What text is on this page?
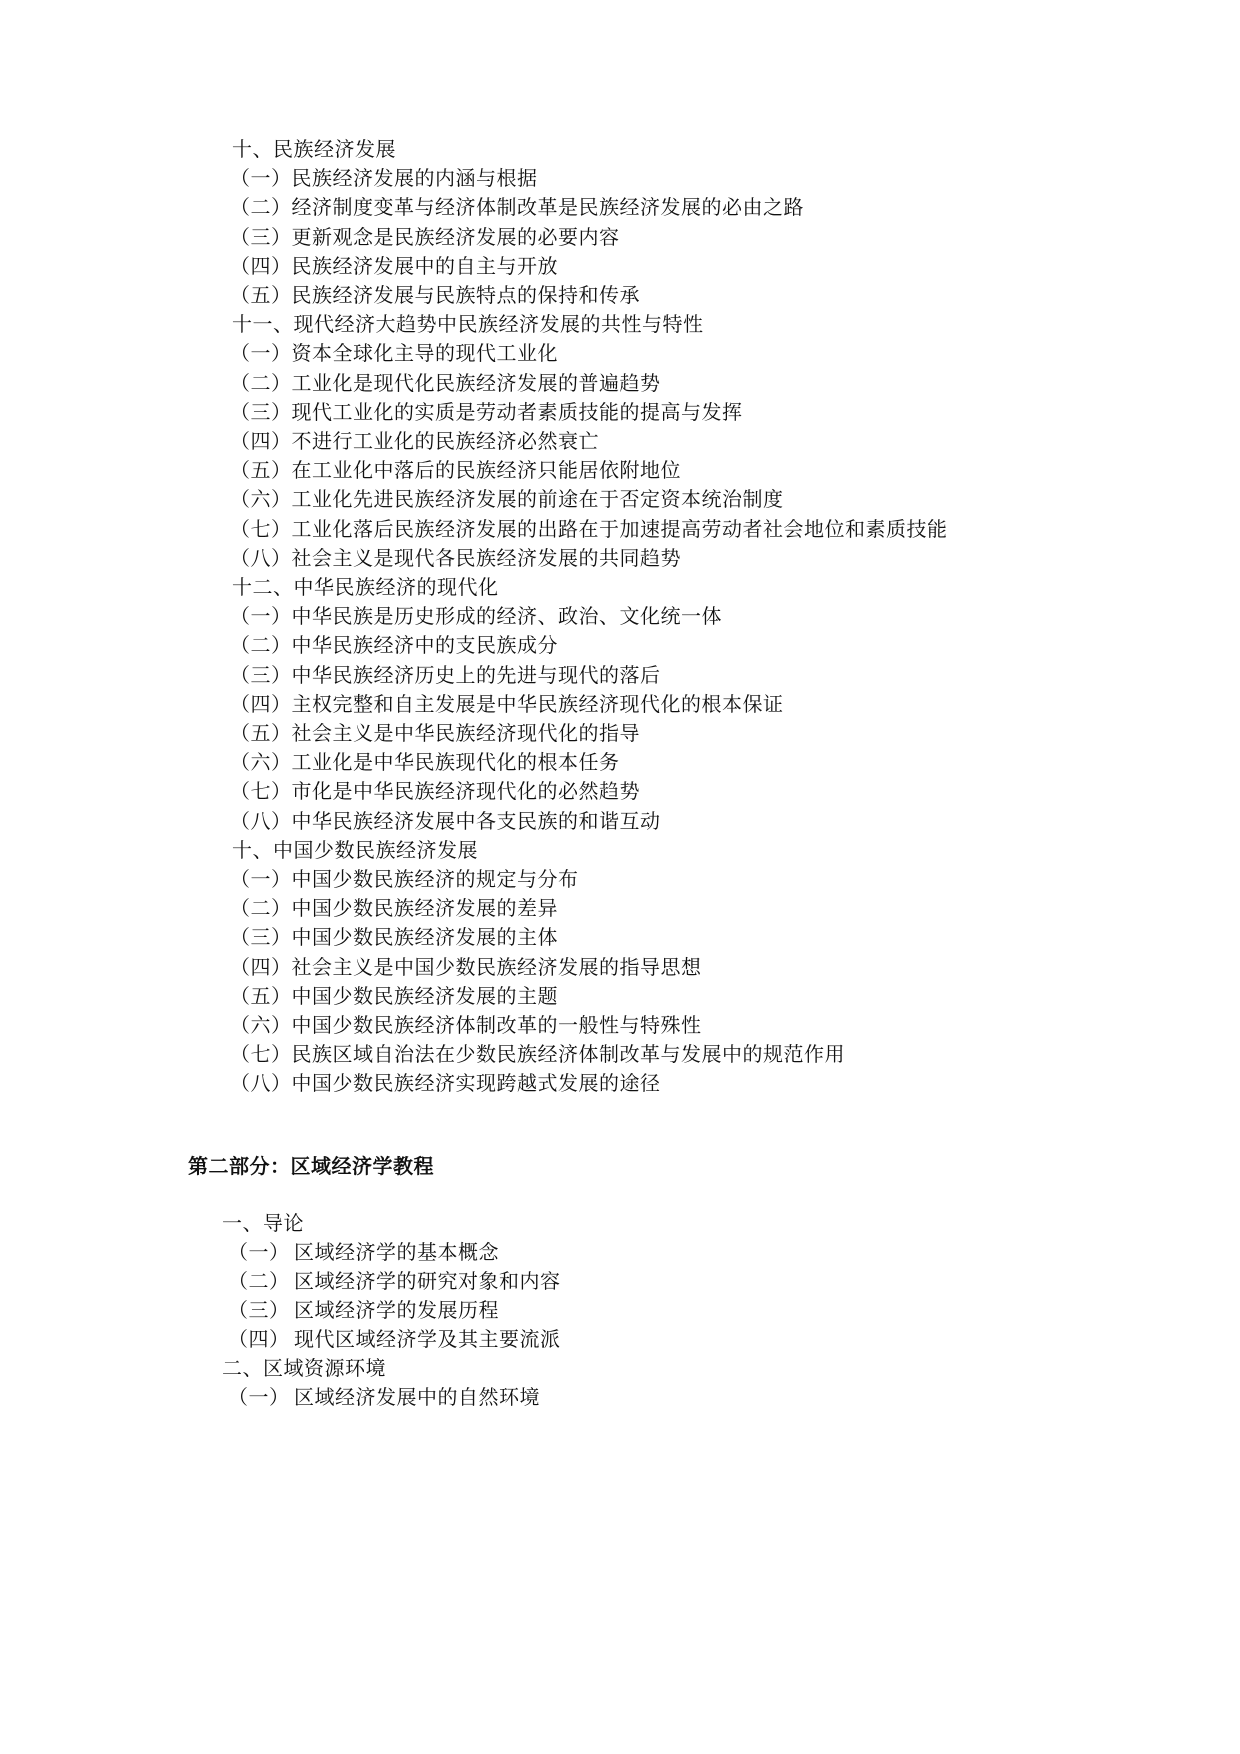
十、民族经济发展
（一）民族经济发展的内涵与根据
（二）经济制度变革与经济体制改革是民族经济发展的必由之路
（三）更新观念是民族经济发展的必要内容
（四）民族经济发展中的自主与开放
（五）民族经济发展与民族特点的保持和传承
十一、现代经济大趋势中民族经济发展的共性与特性
（一）资本全球化主导的现代工业化
（二）工业化是现代化民族经济发展的普遍趋势
（三）现代工业化的实质是劳动者素质技能的提高与发挥
（四）不进行工业化的民族经济必然衰亡
（五）在工业化中落后的民族经济只能居依附地位
（六）工业化先进民族经济发展的前途在于否定资本统治制度
（七）工业化落后民族经济发展的出路在于加速提高劳动者社会地位和素质技能
（八）社会主义是现代各民族经济发展的共同趋势
十二、中华民族经济的现代化
（一）中华民族是历史形成的经济、政治、文化统一体
（二）中华民族经济中的支民族成分
（三）中华民族经济历史上的先进与现代的落后
（四）主权完整和自主发展是中华民族经济现代化的根本保证
（五）社会主义是中华民族经济现代化的指导
（六）工业化是中华民族现代化的根本任务
（七）市化是中华民族经济现代化的必然趋势
（八）中华民族经济发展中各支民族的和谐互动
十、中国少数民族经济发展
（一）中国少数民族经济的规定与分布
（二）中国少数民族经济发展的差异
（三）中国少数民族经济发展的主体
（四）社会主义是中国少数民族经济发展的指导思想
（五）中国少数民族经济发展的主题
（六）中国少数民族经济体制改革的一般性与特殊性
（七）民族区域自治法在少数民族经济体制改革与发展中的规范作用
（八）中国少数民族经济实现跨越式发展的途径
第二部分：区域经济学教程
一、导论
（一） 区域经济学的基本概念
（二） 区域经济学的研究对象和内容
（三） 区域经济学的发展历程
（四） 现代区域经济学及其主要流派
二、区域资源环境
（一） 区域经济发展中的自然环境
